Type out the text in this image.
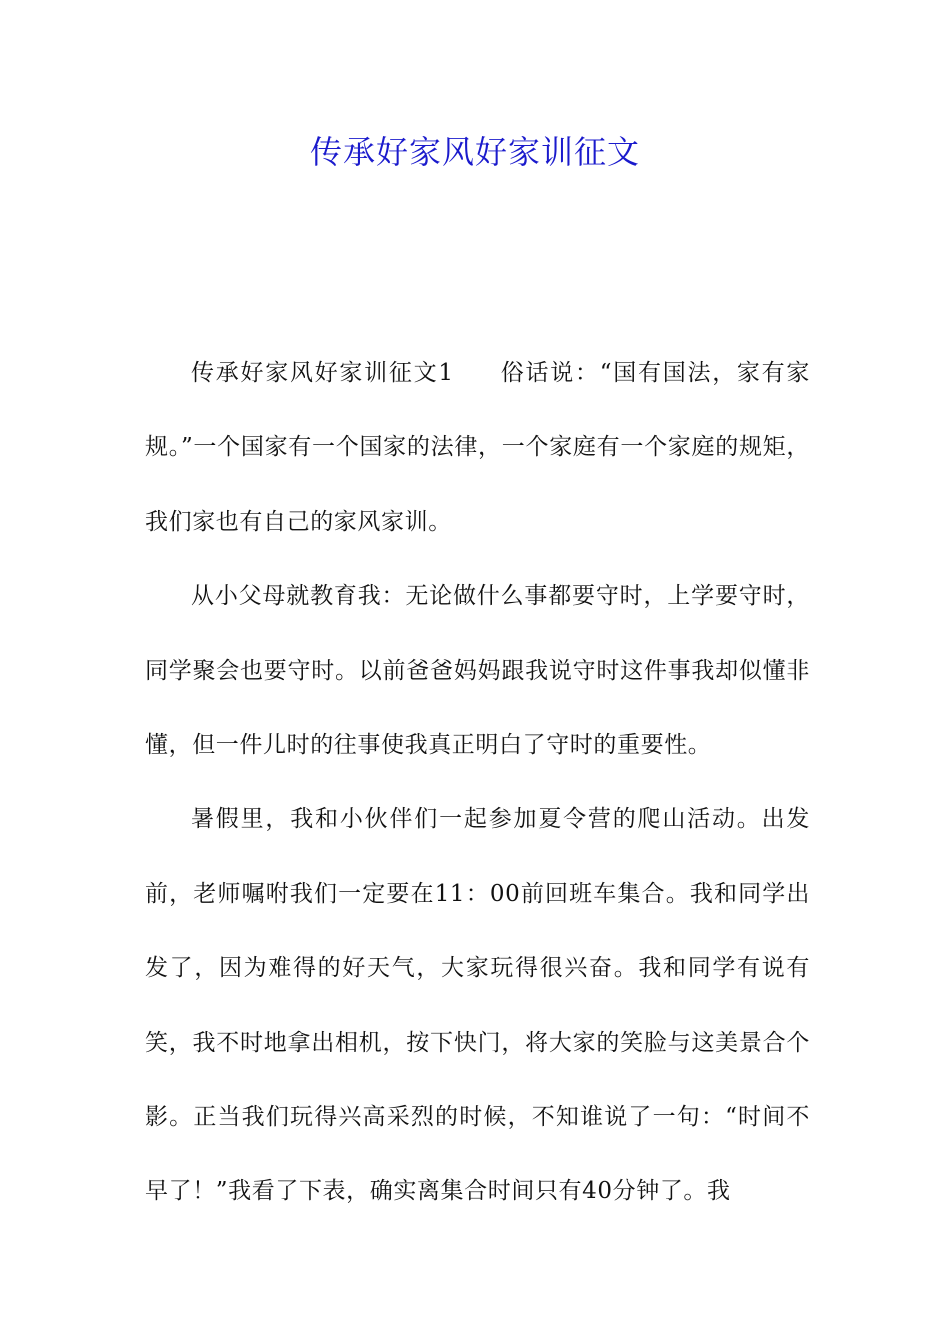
传承好家风好家训征文

传承好家风好家训征文1 俗话说：“国有国法，家有家规。”一个国家有一个国家的法律，一个家庭有一个家庭的规矩，我们家也有自己的家风家训。

从小父母就教育我：无论做什么事都要守时，上学要守时，同学聚会也要守时。以前爸爸妈妈跟我说守时这件事我却似懂非懂，但一件儿时的往事使我真正明白了守时的重要性。

暑假里，我和小伙伴们一起参加夏令营的爬山活动。出发前，老师嘱咐我们一定要在11：00前回班车集合。我和同学出发了，因为难得的好天气，大家玩得很兴奋。我和同学有说有笑，我不时地拿出相机，按下快门，将大家的笑脸与这美景合个影。正当我们玩得兴高采烈的时候，不知谁说了一句：“时间不早了！”我看了下表，确实离集合时间只有40分钟了。我
